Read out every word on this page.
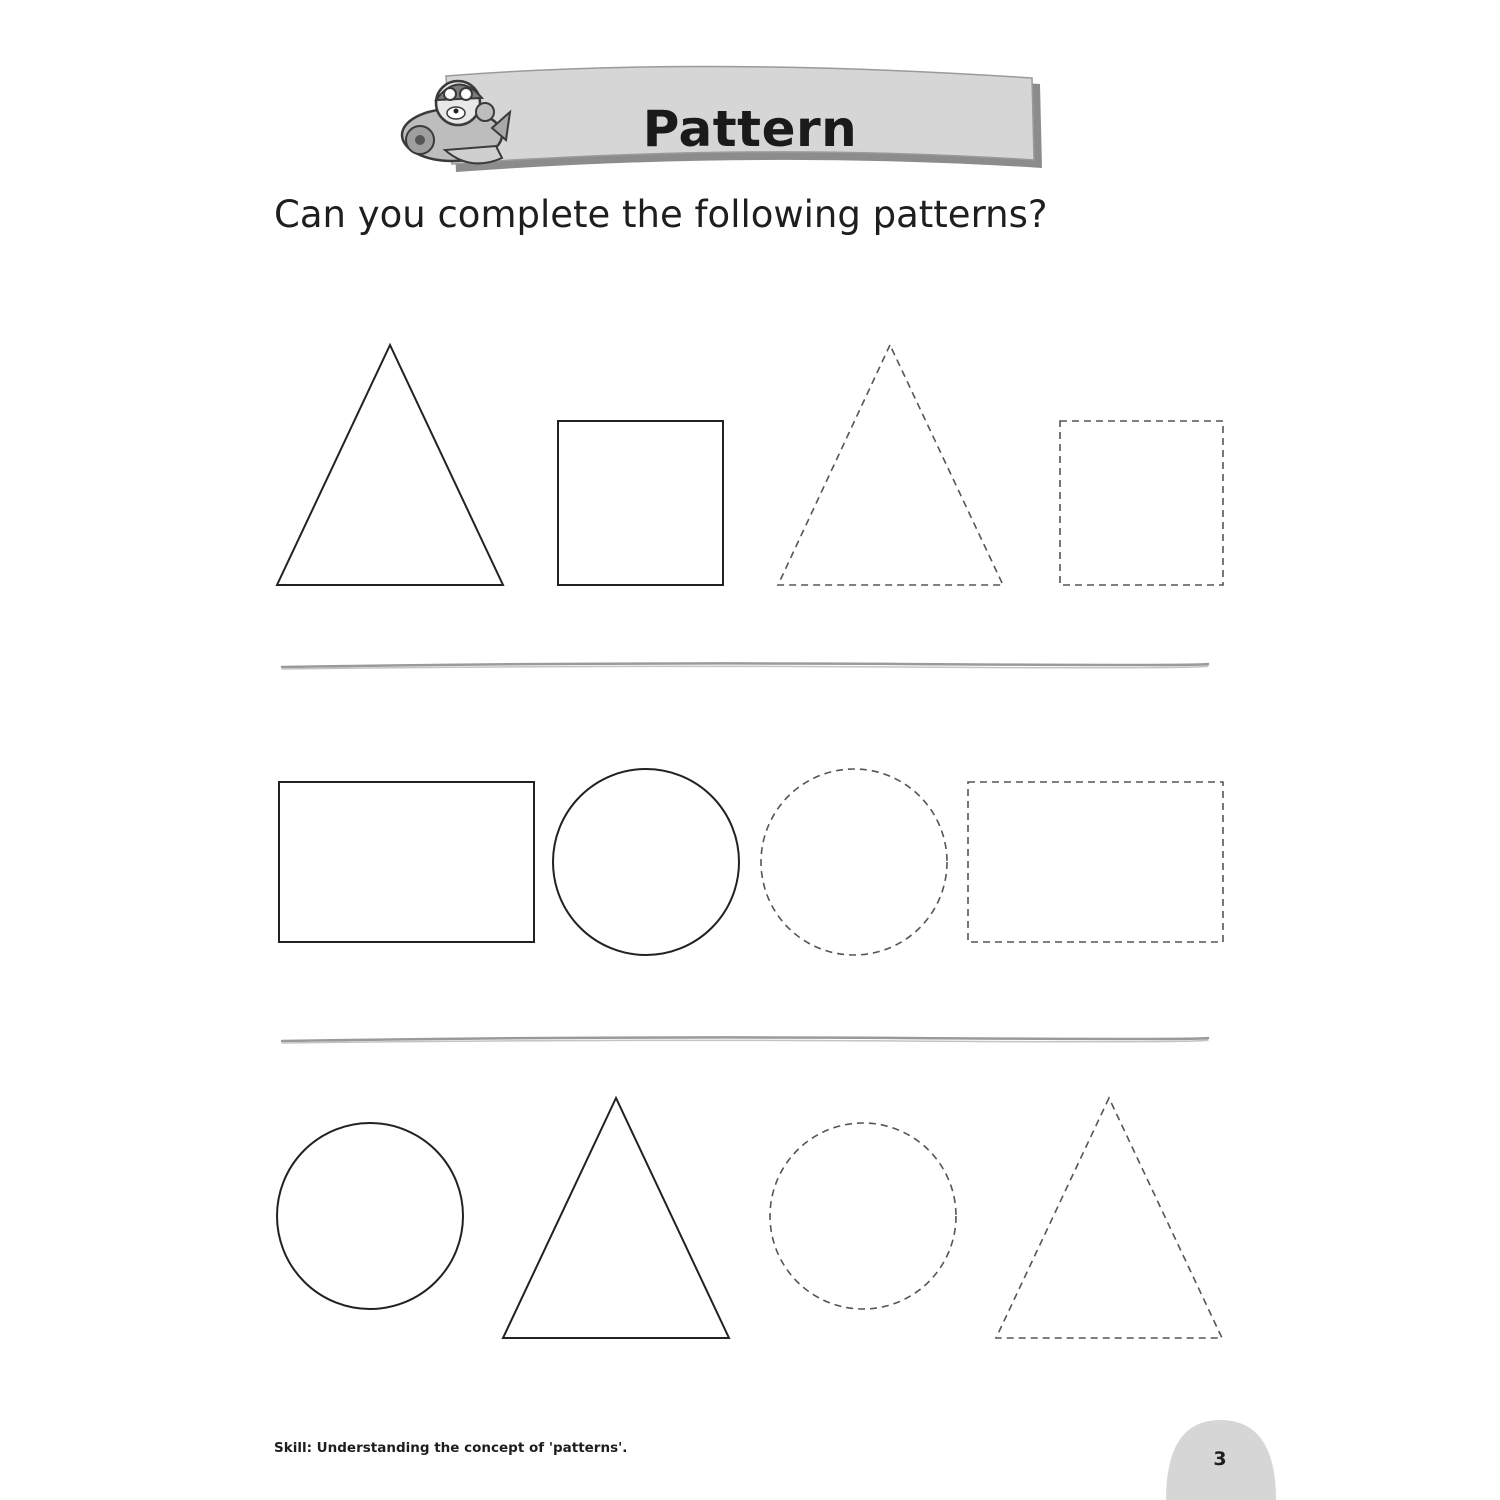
Pattern
Can you complete the following patterns?
Skill: Understanding the concept of 'patterns'.	3
